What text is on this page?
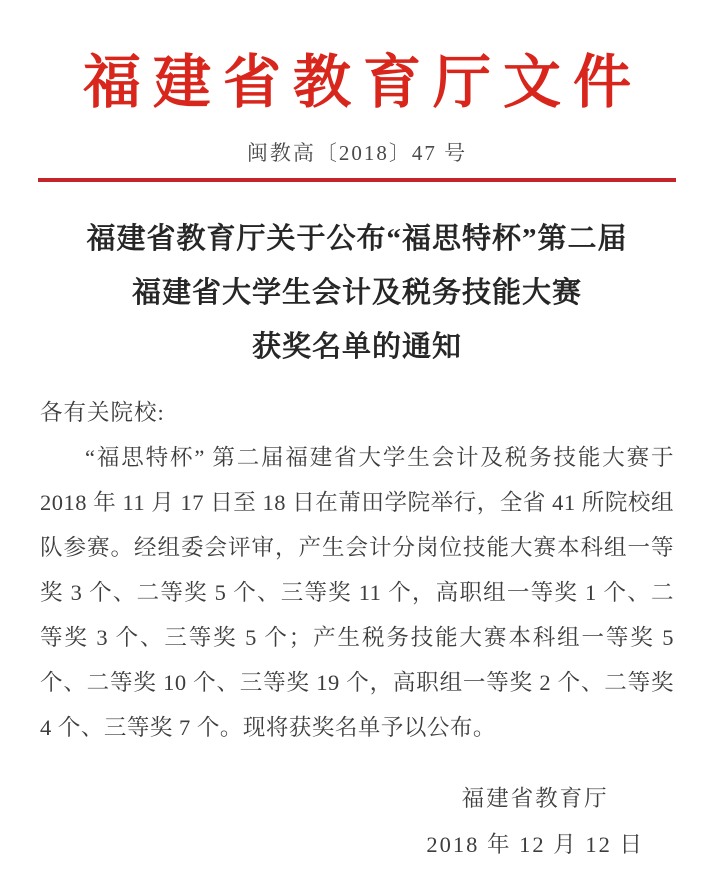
福建省教育厅文件
闽教高〔2018〕47 号
福建省教育厅关于公布“福思特杯”第二届
福建省大学生会计及税务技能大赛
获奖名单的通知
各有关院校:

“福思特杯” 第二届福建省大学生会计及税务技能大赛于 2018 年 11 月 17 日至 18 日在莆田学院举行，全省 41 所院校组队参赛。经组委会评审，产生会计分岗位技能大赛本科组一等奖 3 个、二等奖 5 个、三等奖 11 个，高职组一等奖 1 个、二等奖 3 个、三等奖 5 个；产生税务技能大赛本科组一等奖 5 个、二等奖 10 个、三等奖 19 个，高职组一等奖 2 个、二等奖 4 个、三等奖 7 个。现将获奖名单予以公布。

福建省教育厅
2018 年 12 月 12 日
